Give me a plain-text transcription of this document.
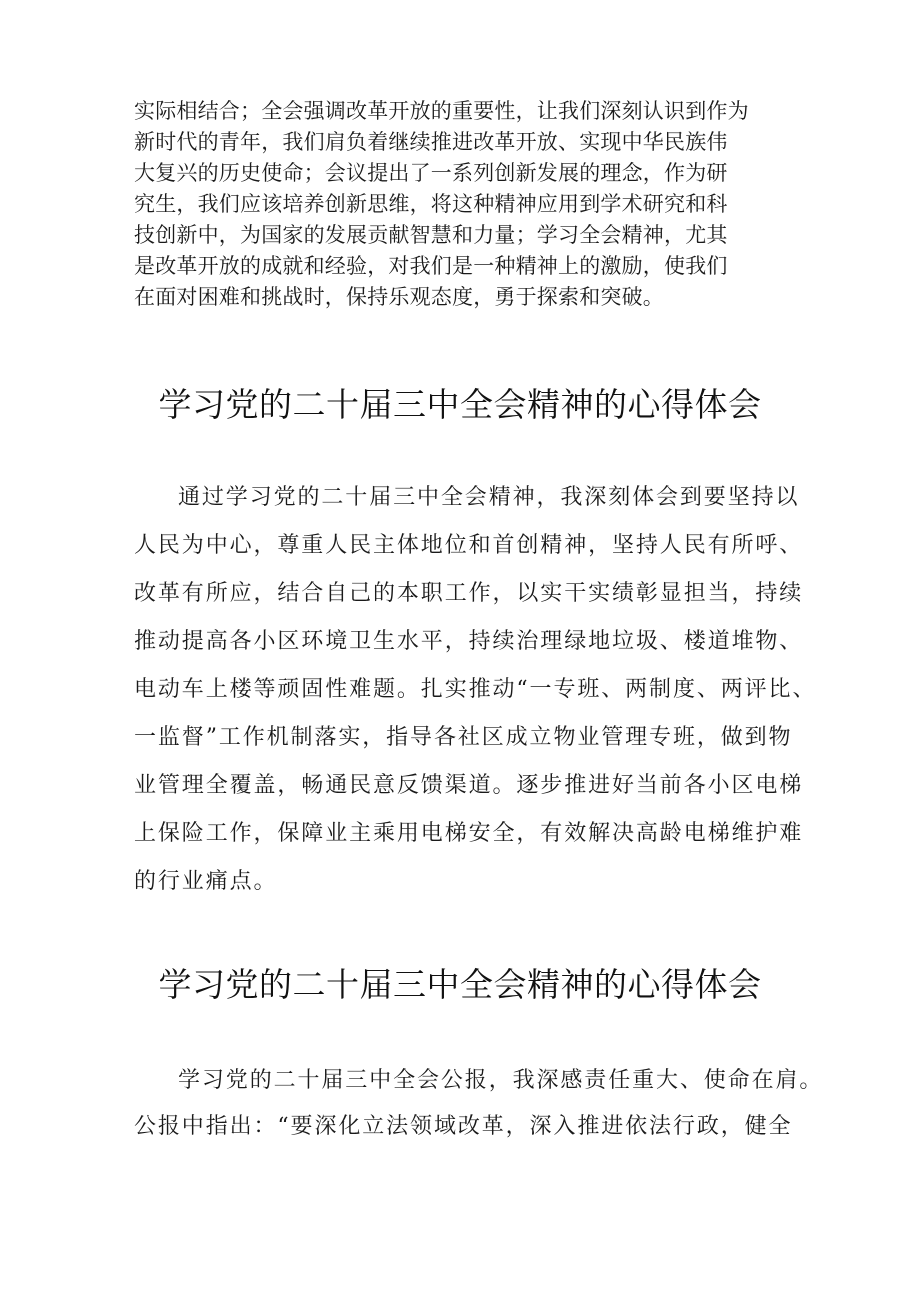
实际相结合；全会强调改革开放的重要性，让我们深刻认识到作为
新时代的青年，我们肩负着继续推进改革开放、实现中华民族伟
大复兴的历史使命；会议提出了一系列创新发展的理念，作为研
究生，我们应该培养创新思维，将这种精神应用到学术研究和科
技创新中，为国家的发展贡献智慧和力量；学习全会精神，尤其
是改革开放的成就和经验，对我们是一种精神上的激励，使我们
在面对困难和挑战时，保持乐观态度，勇于探索和突破。
学习党的二十届三中全会精神的心得体会
通过学习党的二十届三中全会精神，我深刻体会到要坚持以
人民为中心，尊重人民主体地位和首创精神，坚持人民有所呼、
改革有所应，结合自己的本职工作，以实干实绩彰显担当，持续
推动提高各小区环境卫生水平，持续治理绿地垃圾、楼道堆物、
电动车上楼等顽固性难题。扎实推动“一专班、两制度、两评比、
一监督”工作机制落实，指导各社区成立物业管理专班，做到物
业管理全覆盖，畅通民意反馈渠道。逐步推进好当前各小区电梯
上保险工作，保障业主乘用电梯安全，有效解决高龄电梯维护难
的行业痛点。
学习党的二十届三中全会精神的心得体会
学习党的二十届三中全会公报，我深感责任重大、使命在肩。
公报中指出：“要深化立法领域改革，深入推进依法行政，健全
